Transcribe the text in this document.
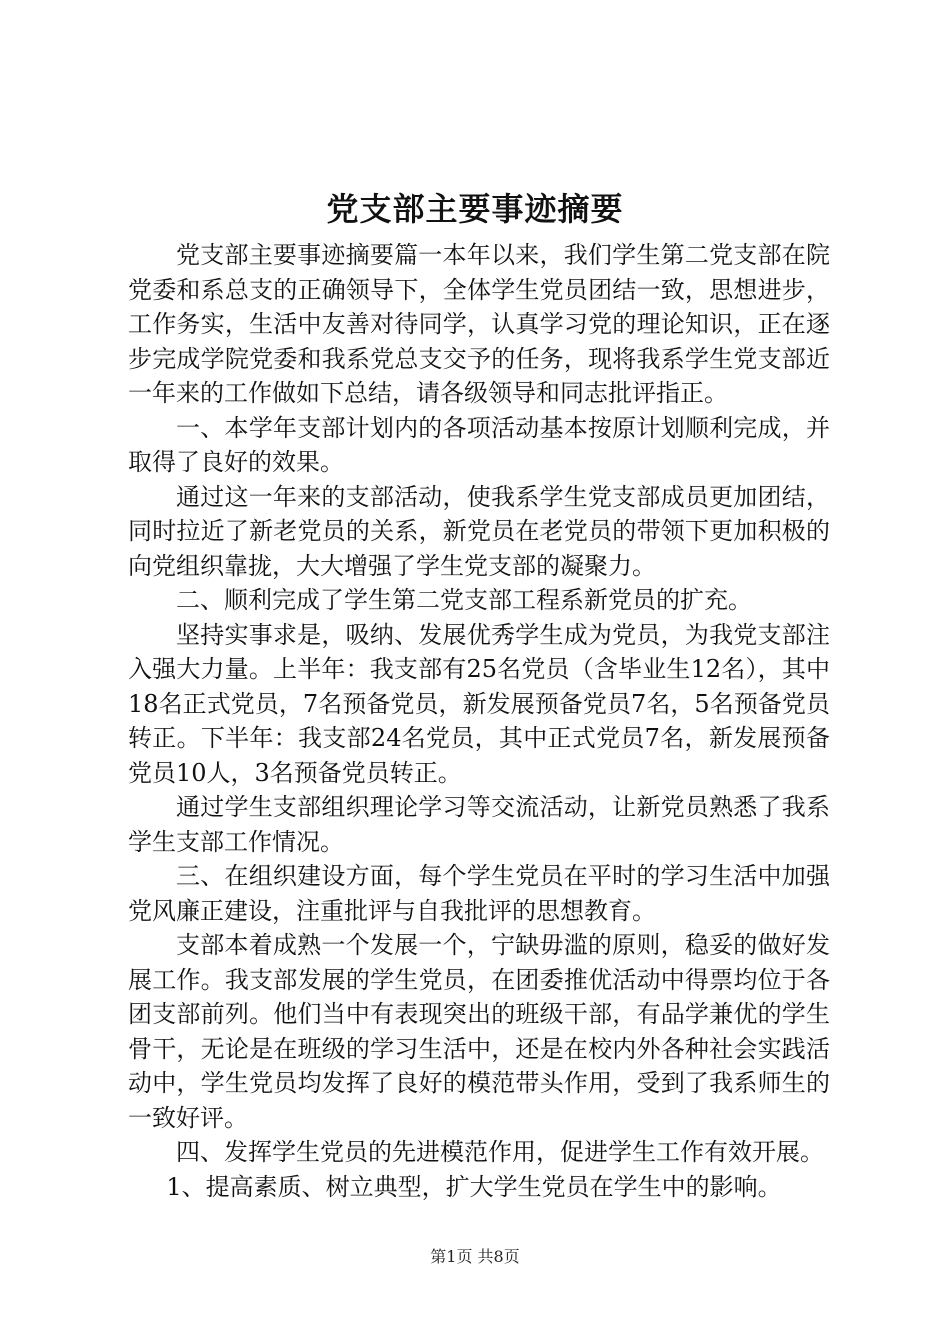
党支部主要事迹摘要

党支部主要事迹摘要篇一本年以来，我们学生第二党支部在院党委和系总支的正确领导下，全体学生党员团结一致，思想进步，工作务实，生活中友善对待同学，认真学习党的理论知识，正在逐步完成学院党委和我系党总支交予的任务，现将我系学生党支部近一年来的工作做如下总结，请各级领导和同志批评指正。

一、本学年支部计划内的各项活动基本按原计划顺利完成，并取得了良好的效果。

通过这一年来的支部活动，使我系学生党支部成员更加团结，同时拉近了新老党员的关系，新党员在老党员的带领下更加积极的向党组织靠拢，大大增强了学生党支部的凝聚力。

二、顺利完成了学生第二党支部工程系新党员的扩充。

坚持实事求是，吸纳、发展优秀学生成为党员，为我党支部注入强大力量。上半年：我支部有25名党员（含毕业生12名），其中18名正式党员，7名预备党员，新发展预备党员7名，5名预备党员转正。下半年：我支部24名党员，其中正式党员7名，新发展预备党员10人，3名预备党员转正。

通过学生支部组织理论学习等交流活动，让新党员熟悉了我系学生支部工作情况。

三、在组织建设方面，每个学生党员在平时的学习生活中加强党风廉正建设，注重批评与自我批评的思想教育。

支部本着成熟一个发展一个，宁缺毋滥的原则，稳妥的做好发展工作。我支部发展的学生党员，在团委推优活动中得票均位于各团支部前列。他们当中有表现突出的班级干部，有品学兼优的学生骨干，无论是在班级的学习生活中，还是在校内外各种社会实践活动中，学生党员均发挥了良好的模范带头作用，受到了我系师生的一致好评。

四、发挥学生党员的先进模范作用，促进学生工作有效开展。

1、提高素质、树立典型，扩大学生党员在学生中的影响。

第1页 共8页
